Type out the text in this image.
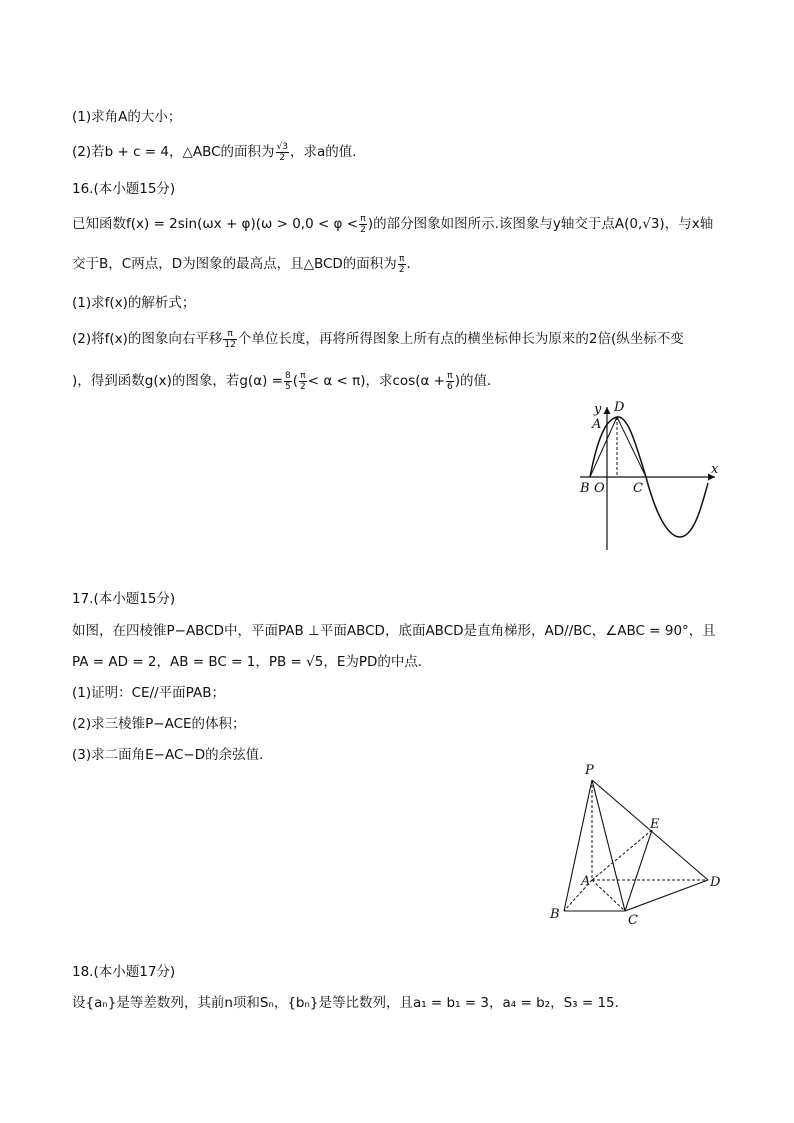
(1)求角A的大小；
(2)若b + c = 4，△ABC的面积为 $\frac{√3}{2}$ ，求a的值．
16.(本小题15分)
已知函数$f(x) = 2\sin(\omega x + \varphi)(\omega > 0,0 < \varphi < \frac{\pi}{2}$ )的部分图象如图所示.该图象与y轴交于点A(0,√3)，与x轴
交于B，C两点，D为图象的最高点，且△BCD的面积为 $\frac{\pi}{2}$ ．
(1)求f(x)的解析式；
(2)将f(x)的图象向右平移 $\frac{\pi}{12}$ 个单位长度，再将所得图象上所有点的横坐标伸长为原来的2倍(纵坐标不变
)，得到函数g(x)的图象，若$g(\alpha) = \frac{8}{5}$ ( $\frac{\pi}{2} < \alpha < \pi$)，求$\cos(\alpha + \frac{\pi}{6}$ )的值．
y
x
D
A
B O C
17.(本小题15分)
如图，在四棱锥P−ABCD中，平面PAB ⊥平面ABCD，底面ABCD是直角梯形，AD//BC，∠ABC = 90°，且
PA = AD = 2，AB = BC = 1，PB = √5，E为PD的中点．
(1)证明：CE//平面PAB；
(2)求三棱锥P−ACE的体积；
(3)求二面角E−AC−D的余弦值．
P
E
A	D
B	C
18.(本小题17分)
设{aₙ}是等差数列，其前n项和Sₙ，{bₙ}是等比数列，且a₁ = b₁ = 3，a₄ = b₂，S₃ = 15．
